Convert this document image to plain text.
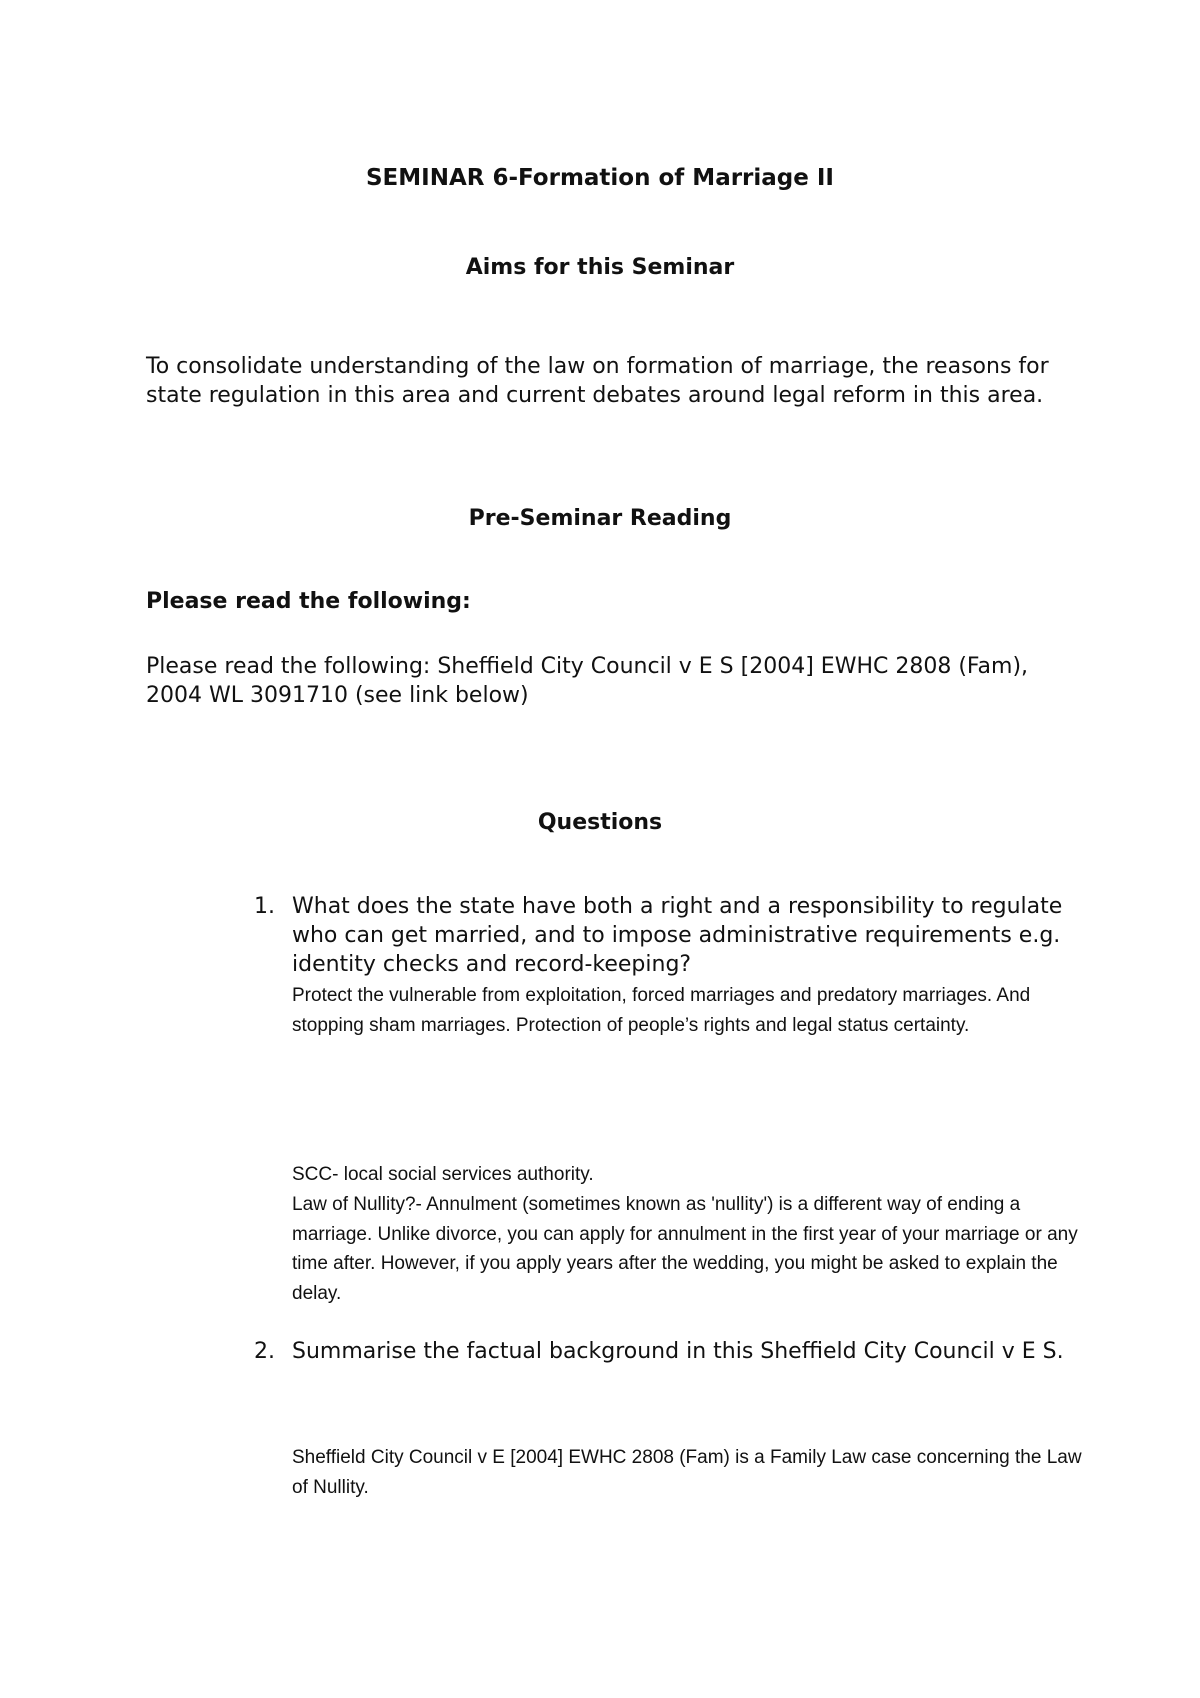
SEMINAR 6-Formation of Marriage II
Aims for this Seminar

To consolidate understanding of the law on formation of marriage, the reasons for state regulation in this area and current debates around legal reform in this area.

Pre-Seminar Reading

Please read the following:

Please read the following: Sheffield City Council v E S [2004] EWHC 2808 (Fam), 2004 WL 3091710 (see link below)

Questions
1. What does the state have both a right and a responsibility to regulate who can get married, and to impose administrative requirements e.g. identity checks and record-keeping?

Protect the vulnerable from exploitation, forced marriages and predatory marriages. And stopping sham marriages. Protection of people’s rights and legal status certainty.

SCC- local social services authority.

Law of Nullity?- Annulment (sometimes known as 'nullity') is a different way of ending a marriage. Unlike divorce, you can apply for annulment in the first year of your marriage or any time after. However, if you apply years after the wedding, you might be asked to explain the delay.

2. Summarise the factual background in this Sheffield City Council v E S.

Sheffield City Council v E [2004] EWHC 2808 (Fam) is a Family Law case concerning the Law of Nullity.
